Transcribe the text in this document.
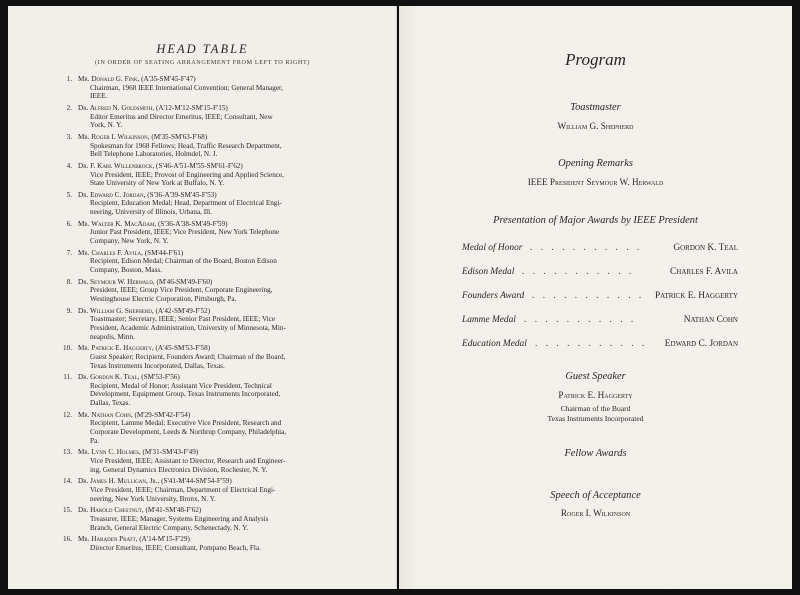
HEAD TABLE
(IN ORDER OF SEATING ARRANGEMENT FROM LEFT TO RIGHT)
1. Mr. Donald G. Fink, (A'35-SM'45-F'47)
Chairman, 1968 IEEE International Convention; General Manager,
IEEE.
2. Dr. Alfred N. Goldsmith, (A'12-M'12-SM'15-F'15)
Editor Emeritus and Director Emeritus, IEEE; Consultant, New
York, N. Y.
3. Mr. Roger I. Wilkinson, (M'35-SM'63-F'68)
Spokesman for 1968 Fellows; Head, Traffic Research Department,
Bell Telephone Laboratories, Holmdel, N. J.
4. Dr. F. Karl Willenbrock, (S'46-A'51-M'55-SM'61-F'62)
Vice President, IEEE; Provost of Engineering and Applied Science,
State University of New York at Buffalo, N. Y.
5. Dr. Edward C. Jordan, (S'36-A'39-SM'45-F'53)
Recipient, Education Medal; Head, Department of Electrical Engi-
neering, University of Illinois, Urbana, Ill.
6. Mr. Walter K. MacAdam, (S'36-A'38-SM'49-F'59)
Junior Past President, IEEE; Vice President, New York Telephone
Company, New York, N. Y.
7. Mr. Charles F. Avila, (SM'44-F'61)
Recipient, Edison Medal; Chairman of the Board, Boston Edison
Company, Boston, Mass.
8. Dr. Seymour W. Herwald, (M'46-SM'49-F'60)
President, IEEE; Group Vice President, Corporate Engineering,
Westinghouse Electric Corporation, Pittsburgh, Pa.
9. Dr. William G. Shepherd, (A'42-SM'49-F'52)
Toastmaster; Secretary, IEEE; Senior Past President, IEEE; Vice
President, Academic Administration, University of Minnesota, Min-
neapolis, Minn.
10. Mr. Patrick E. Haggerty, (A'45-SM'53-F'58)
Guest Speaker; Recipient, Founders Award; Chairman of the Board,
Texas Instruments Incorporated, Dallas, Texas.
11. Dr. Gordon K. Teal, (SM'53-F'56)
Recipient, Medal of Honor; Assistant Vice President, Technical
Development, Equipment Group, Texas Instruments Incorporated,
Dallas, Texas.
12. Mr. Nathan Cohn, (M'29-SM'42-F'54)
Recipient, Lamme Medal; Executive Vice President, Research and
Corporate Development, Leeds & Northrup Company, Philadelphia,
Pa.
13. Mr. Lynn C. Holmes, (M'31-SM'43-F'49)
Vice President, IEEE; Assistant to Director, Research and Engineer-
ing, General Dynamics Electronics Division, Rochester, N. Y.
14. Dr. James H. Mulligan, Jr., (S'41-M'44-SM'54-F'59)
Vice President, IEEE; Chairman, Department of Electrical Engi-
neering, New York University, Bronx, N. Y.
15. Dr. Harold Chestnut, (M'41-SM'48-F'62)
Treasurer, IEEE; Manager, Systems Engineering and Analysis
Branch, General Electric Company, Schenectady, N. Y.
16. Mr. Haraden Pratt, (A'14-M'15-F'29)
Director Emeritus, IEEE; Consultant, Pompano Beach, Fla.
Program
Toastmaster
William G. Shepherd
Opening Remarks
IEEE President Seymour W. Herwald
Presentation of Major Awards by IEEE President
Medal of Honor . . . . . . . . . . .	Gordon K. Teal
Edison Medal . . . . . . . . . . .	Charles F. Avila
Founders Award . . . . . . . . . . .	Patrick E. Haggerty
Lamme Medal . . . . . . . . . . .	Nathan Cohn
Education Medal . . . . . . . . . . .	Edward C. Jordan
Guest Speaker
Patrick E. Haggerty
Chairman of the Board
Texas Instruments Incorporated
Fellow Awards
Speech of Acceptance
Roger I. Wilkinson
